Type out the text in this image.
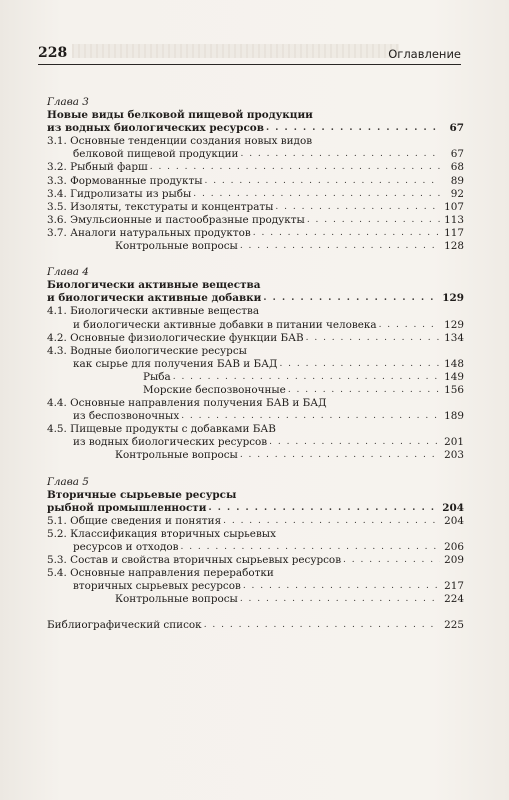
228	Оглавление
Глава 3
Новые виды белковой пищевой продукции
из водных биологических ресурсов . . .	67
3.1. Основные тенденции создания новых видов
белковой пищевой продукции . . .	67
3.2. Рыбный фарш . . .	68
3.3. Формованные продукты . . .	89
3.4. Гидролизаты из рыбы . . .	92
3.5. Изоляты, текстураты и концентраты . . .	107
3.6. Эмульсионные и пастообразные продукты . . .	113
3.7. Аналоги натуральных продуктов . . .	117
Контрольные вопросы . . .	128
Глава 4
Биологически активные вещества
и биологически активные добавки . . .	129
4.1. Биологически активные вещества
и биологически активные добавки в питании человека . . .	129
4.2. Основные физиологические функции БАВ . . .	134
4.3. Водные биологические ресурсы
как сырье для получения БАВ и БАД . . .	148
Рыба . . .	149
Морские беспозвоночные . . .	156
4.4. Основные направления получения БАВ и БАД
из беспозвоночных . . .	189
4.5. Пищевые продукты с добавками БАВ
из водных биологических ресурсов . . .	201
Контрольные вопросы . . .	203
Глава 5
Вторичные сырьевые ресурсы
рыбной промышленности . . .	204
5.1. Общие сведения и понятия . . .	204
5.2. Классификация вторичных сырьевых
ресурсов и отходов . . .	206
5.3. Состав и свойства вторичных сырьевых ресурсов . . .	209
5.4. Основные направления переработки
вторичных сырьевых ресурсов . . .	217
Контрольные вопросы . . .	224
Библиографический список . . .	225
